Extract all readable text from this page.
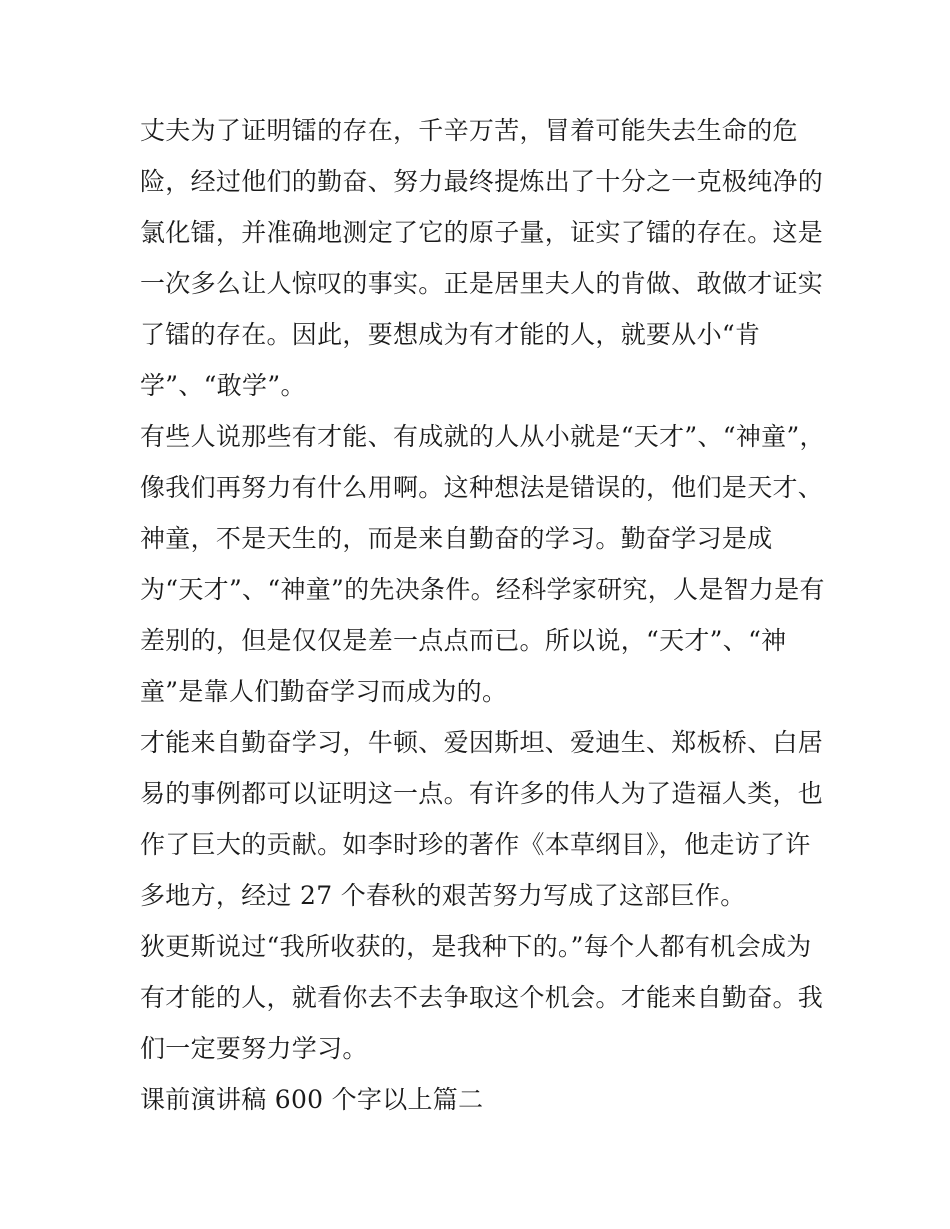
丈夫为了证明镭的存在，千辛万苦，冒着可能失去生命的危
险，经过他们的勤奋、努力最终提炼出了十分之一克极纯净的
氯化镭，并准确地测定了它的原子量，证实了镭的存在。这是
一次多么让人惊叹的事实。正是居里夫人的肯做、敢做才证实
了镭的存在。因此，要想成为有才能的人，就要从小“肯
学”、“敢学”。
有些人说那些有才能、有成就的人从小就是“天才”、“神童”，
像我们再努力有什么用啊。这种想法是错误的，他们是天才、
神童，不是天生的，而是来自勤奋的学习。勤奋学习是成
为“天才”、“神童”的先决条件。经科学家研究，人是智力是有
差别的，但是仅仅是差一点点而已。所以说，“天才”、“神
童”是靠人们勤奋学习而成为的。
才能来自勤奋学习，牛顿、爱因斯坦、爱迪生、郑板桥、白居
易的事例都可以证明这一点。有许多的伟人为了造福人类，也
作了巨大的贡献。如李时珍的著作《本草纲目》，他走访了许
多地方，经过 27 个春秋的艰苦努力写成了这部巨作。
狄更斯说过“我所收获的，是我种下的。”每个人都有机会成为
有才能的人，就看你去不去争取这个机会。才能来自勤奋。我
们一定要努力学习。
课前演讲稿 600 个字以上篇二
